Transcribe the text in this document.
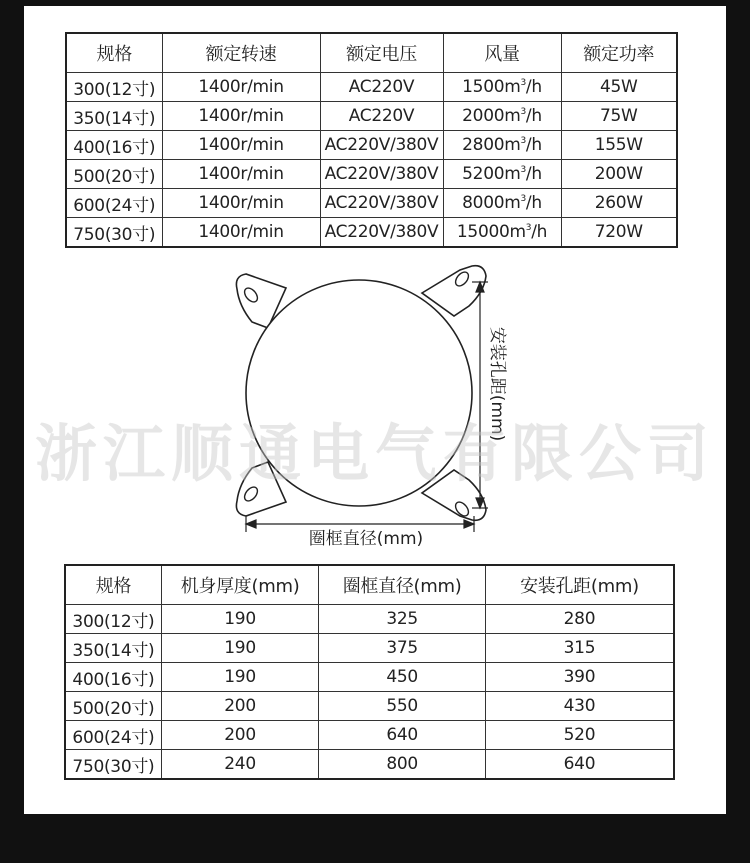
规格	额定转速	额定电压	风量	额定功率
300(12寸)	1400r/min	AC220V	$1500m^3/h$	45W
350(14寸)	1400r/min	AC220V	$2000m^3/h$	75W
400(16寸)	1400r/min	AC220V/380V	$2800m^3/h$	155W
500(20寸)	1400r/min	AC220V/380V	$5200m^3/h$	200W
600(24寸)	1400r/min	AC220V/380V	$8000m^3/h$	260W
750(30寸)	1400r/min	AC220V/380V	$15000m^3/h$	720W
圈框直径(mm)
安装孔距(mm)
规格	机身厚度(mm)	圈框直径(mm)	安装孔距(mm)
300(12寸)	190	325	280
350(14寸)	190	375	315
400(16寸)	190	450	390
500(20寸)	200	550	430
600(24寸)	200	640	520
750(30寸)	240	800	640
浙江顺通电气有限公司
